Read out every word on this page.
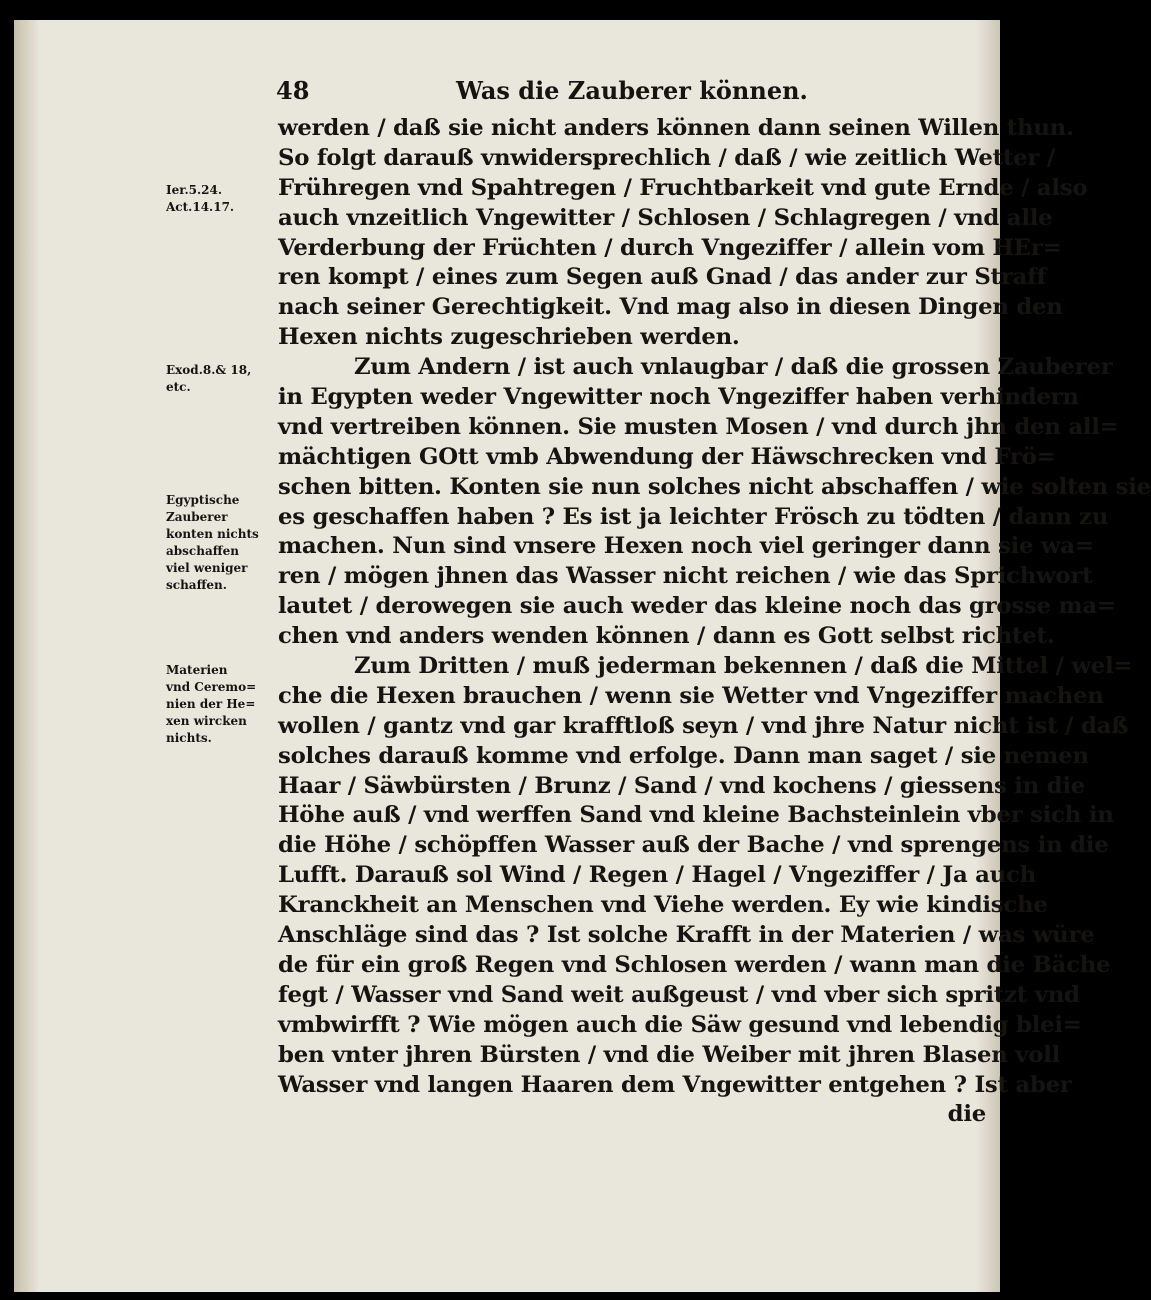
48	Was die Zauberer können.
werden / daß sie nicht anders können dann seinen Willen thun.
So folgt darauß vnwidersprechlich / daß / wie zeitlich Wetter /
Frühregen vnd Spahtregen / Fruchtbarkeit vnd gute Ernde / also
auch vnzeitlich Vngewitter / Schlosen / Schlagregen / vnd alle
Verderbung der Früchten / durch Vngeziffer / allein vom HEr=
ren kompt / eines zum Segen auß Gnad / das ander zur Straff
nach seiner Gerechtigkeit. Vnd mag also in diesen Dingen den
Hexen nichts zugeschrieben werden.
Zum Andern / ist auch vnlaugbar / daß die grossen Zauberer
in Egypten weder Vngewitter noch Vngeziffer haben verhindern
vnd vertreiben können. Sie musten Mosen / vnd durch jhn den all=
mächtigen GOtt vmb Abwendung der Häwschrecken vnd Frö=
schen bitten. Konten sie nun solches nicht abschaffen / wie solten sie
es geschaffen haben ? Es ist ja leichter Frösch zu tödten / dann zu
machen. Nun sind vnsere Hexen noch viel geringer dann sie wa=
ren / mögen jhnen das Wasser nicht reichen / wie das Sprichwort
lautet / derowegen sie auch weder das kleine noch das grosse ma=
chen vnd anders wenden können / dann es Gott selbst richtet.
Zum Dritten / muß jederman bekennen / daß die Mittel / wel=
che die Hexen brauchen / wenn sie Wetter vnd Vngeziffer machen
wollen / gantz vnd gar krafftloß seyn / vnd jhre Natur nicht ist / daß
solches darauß komme vnd erfolge. Dann man saget / sie nemen
Haar / Säwbürsten / Brunz / Sand / vnd kochens / giessens in die
Höhe auß / vnd werffen Sand vnd kleine Bachsteinlein vber sich in
die Höhe / schöpffen Wasser auß der Bache / vnd sprengens in die
Lufft. Darauß sol Wind / Regen / Hagel / Vngeziffer / Ja auch
Kranckheit an Menschen vnd Viehe werden. Ey wie kindische
Anschläge sind das ? Ist solche Krafft in der Materien / was würe
de für ein groß Regen vnd Schlosen werden / wann man die Bäche
fegt / Wasser vnd Sand weit außgeust / vnd vber sich spritzt vnd
vmbwirfft ? Wie mögen auch die Säw gesund vnd lebendig blei=
ben vnter jhren Bürsten / vnd die Weiber mit jhren Blasen voll
Wasser vnd langen Haaren dem Vngewitter entgehen ? Ist aber
die
Ier.5.24.
Act.14.17.
Exod.8.& 18,
etc.
Egyptische
Zauberer
konten nichts
abschaffen
viel weniger
schaffen.
Materien
vnd Ceremo=
nien der He=
xen wircken
nichts.
